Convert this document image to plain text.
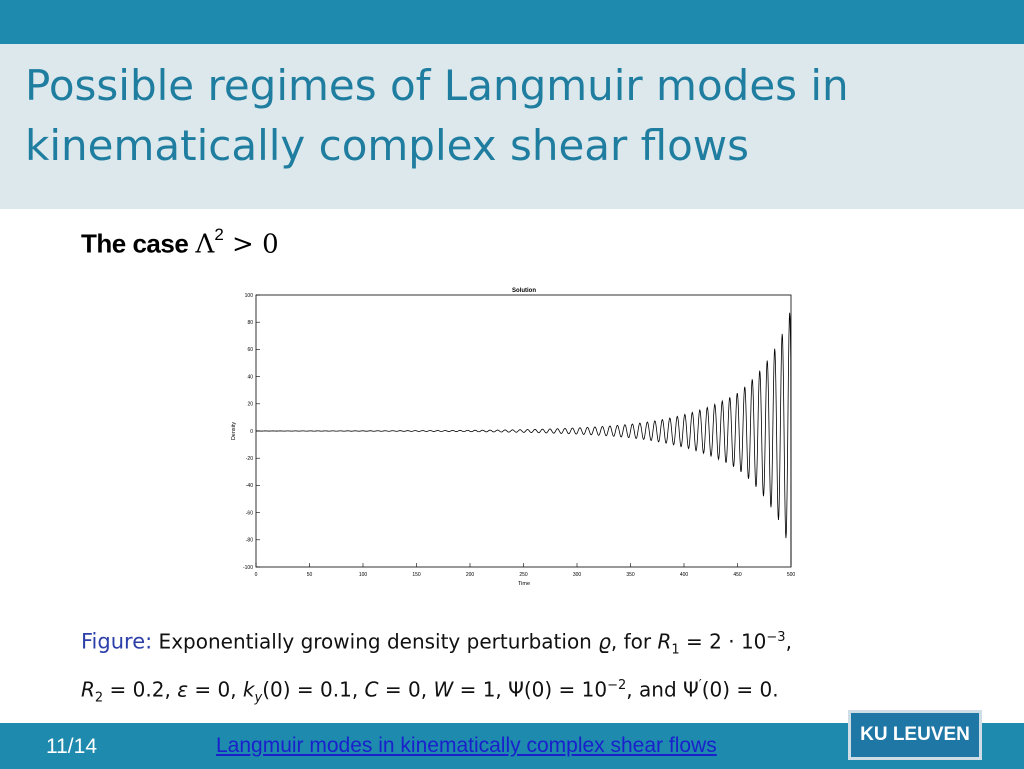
Possible regimes of Langmuir modes in kinematically complex shear flows
The case $\Lambda^2 > 0$
Solution
100
80
60
40
20
0
-20
-40
-60
-80
-100
0	50	100	150	200	250	300	350	400	450	500
Density
Time
Figure: Exponentially growing density perturbation ϱ, for $R_1 = 2 \cdot 10^{-3}$,
$R_2 = 0.2$, ε = 0, $k_y(0) = 0.1$, C = 0, W = 1, $\Psi(0) = 10^{-2}$, and Ψ′(0) = 0.
11/14	Langmuir modes in kinematically complex shear flows	KU LEUVEN
